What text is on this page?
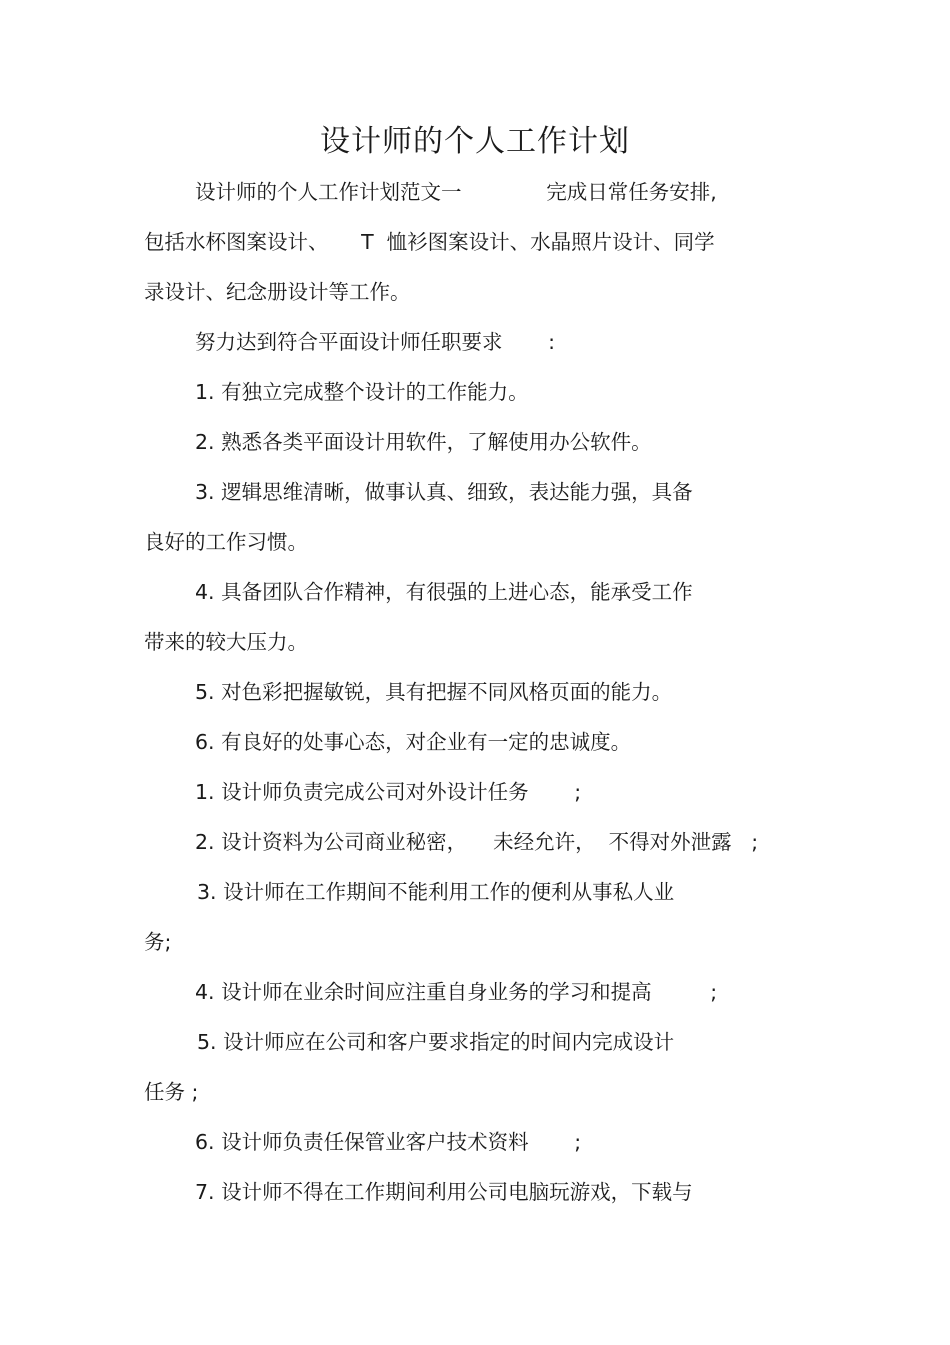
设计师的个人工作计划
设计师的个人工作计划范文一             完成日常任务安排,
包括水杯图案设计、     T  恤衫图案设计、水晶照片设计、同学
录设计、纪念册设计等工作。
努力达到符合平面设计师任职要求       :
1. 有独立完成整个设计的工作能力。
2. 熟悉各类平面设计用软件，了解使用办公软件。
3. 逻辑思维清晰，做事认真、细致，表达能力强，具备
良好的工作习惯。
4. 具备团队合作精神，有很强的上进心态，能承受工作
带来的较大压力。
5. 对色彩把握敏锐，具有把握不同风格页面的能力。
6. 有良好的处事心态，对企业有一定的忠诚度。
1. 设计师负责完成公司对外设计任务       ;
2. 设计资料为公司商业秘密，    未经允许，  不得对外泄露   ;
3. 设计师在工作期间不能利用工作的便利从事私人业
务;
4. 设计师在业余时间应注重自身业务的学习和提高         ;
5. 设计师应在公司和客户要求指定的时间内完成设计
任务 ;
6. 设计师负责任保管业客户技术资料       ;
7. 设计师不得在工作期间利用公司电脑玩游戏，下载与
